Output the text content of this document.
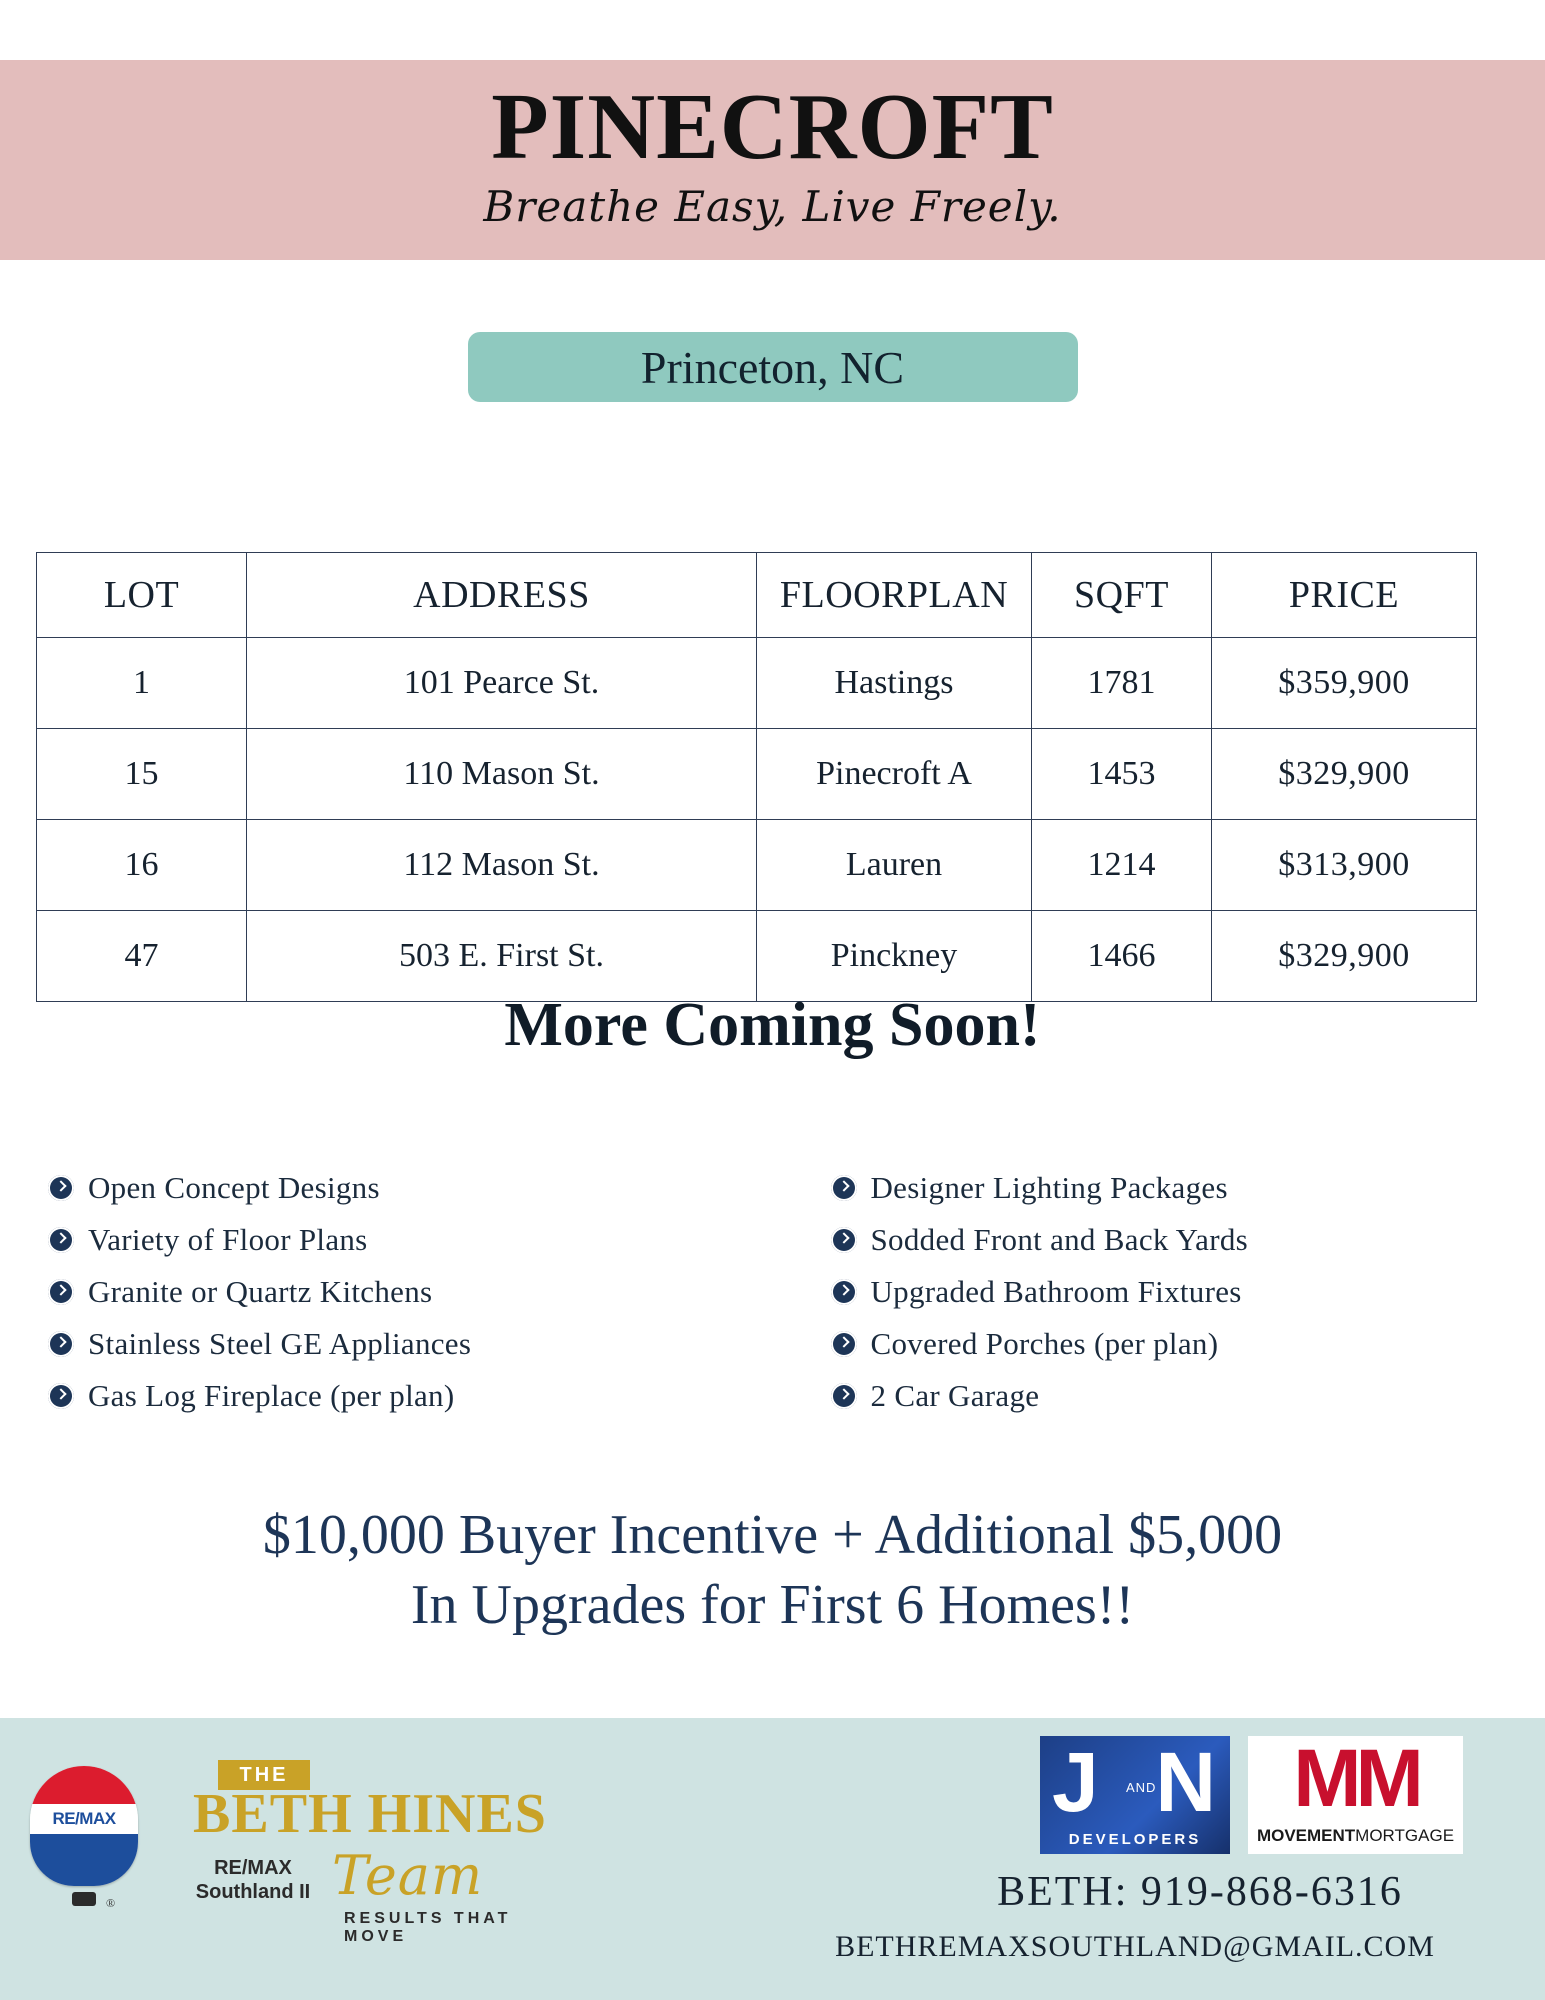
PINECROFT
Breathe Easy, Live Freely.
Princeton, NC
LOT	ADDRESS	FLOORPLAN	SQFT	PRICE
1	101 Pearce St.	Hastings	1781	$359,900
15	110 Mason St.	Pinecroft A	1453	$329,900
16	112 Mason St.	Lauren	1214	$313,900
47	503 E. First St.	Pinckney	1466	$329,900
More Coming Soon!
Open Concept Designs
Variety of Floor Plans
Granite or Quartz Kitchens
Stainless Steel GE Appliances
Gas Log Fireplace (per plan)
Designer Lighting Packages
Sodded Front and Back Yards
Upgraded Bathroom Fixtures
Covered Porches (per plan)
2 Car Garage
$10,000 Buyer Incentive + Additional $5,000
In Upgrades for First 6 Homes!!
RE/MAX
®
THE
BETH HINES
RE/MAX
Southland II Team
RESULTS THAT MOVE
J AND
N
DEVELOPERS
MM
MOVEMENTMORTGAGE
BETH: 919-868-6316
BETHREMAXSOUTHLAND@GMAIL.COM
